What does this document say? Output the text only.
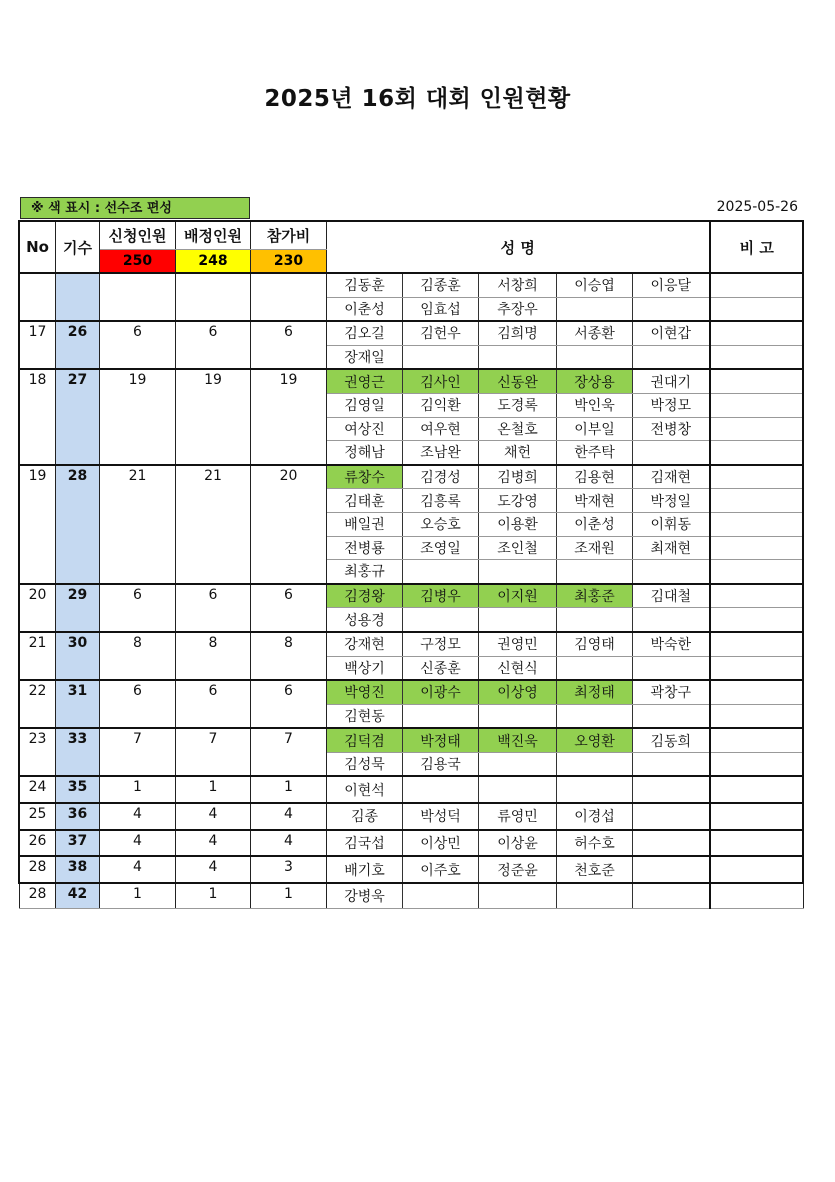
2025년 16회 대회 인원현황
※ 색 표시 : 선수조 편성	2025-05-26
No	기수	신청인원	배정인원	참가비	성 명					비 고
		250	248	230						
					김동훈	김종훈	서창희	이승엽	이응달	
					이춘성	임효섭	추장우			
17	26	6	6	6	김오길	김헌우	김희명	서종환	이현갑	
					장재일					
18	27	19	19	19	권영근	김사인	신동완	장상용	권대기	
					김영일	김익환	도경록	박인욱	박정모	
					여상진	여우현	온철호	이부일	전병창	
					정해남	조남완	채헌	한주탁		
19	28	21	21	20	류창수	김경성	김병희	김용현	김재현	
					김태훈	김흥록	도강영	박재현	박정일	
					배일권	오승호	이용환	이춘성	이휘동	
					전병룡	조영일	조인철	조재원	최재현	
					최홍규					
20	29	6	6	6	김경왕	김병우	이지원	최홍준	김대철	
					성용경					
21	30	8	8	8	강재현	구정모	권영민	김영태	박숙한	
					백상기	신종훈	신현식			
22	31	6	6	6	박영진	이광수	이상영	최정태	곽창구	
					김현동					
23	33	7	7	7	김덕겸	박정태	백진욱	오영환	김동희	
					김성묵	김용국				
24	35	1	1	1	이현석					
25	36	4	4	4	김종	박성덕	류영민	이경섭		
26	37	4	4	4	김국섭	이상민	이상윤	허수호		
28	38	4	4	3	배기호	이주호	정준윤	천호준		
28	42	1	1	1	강병욱					
